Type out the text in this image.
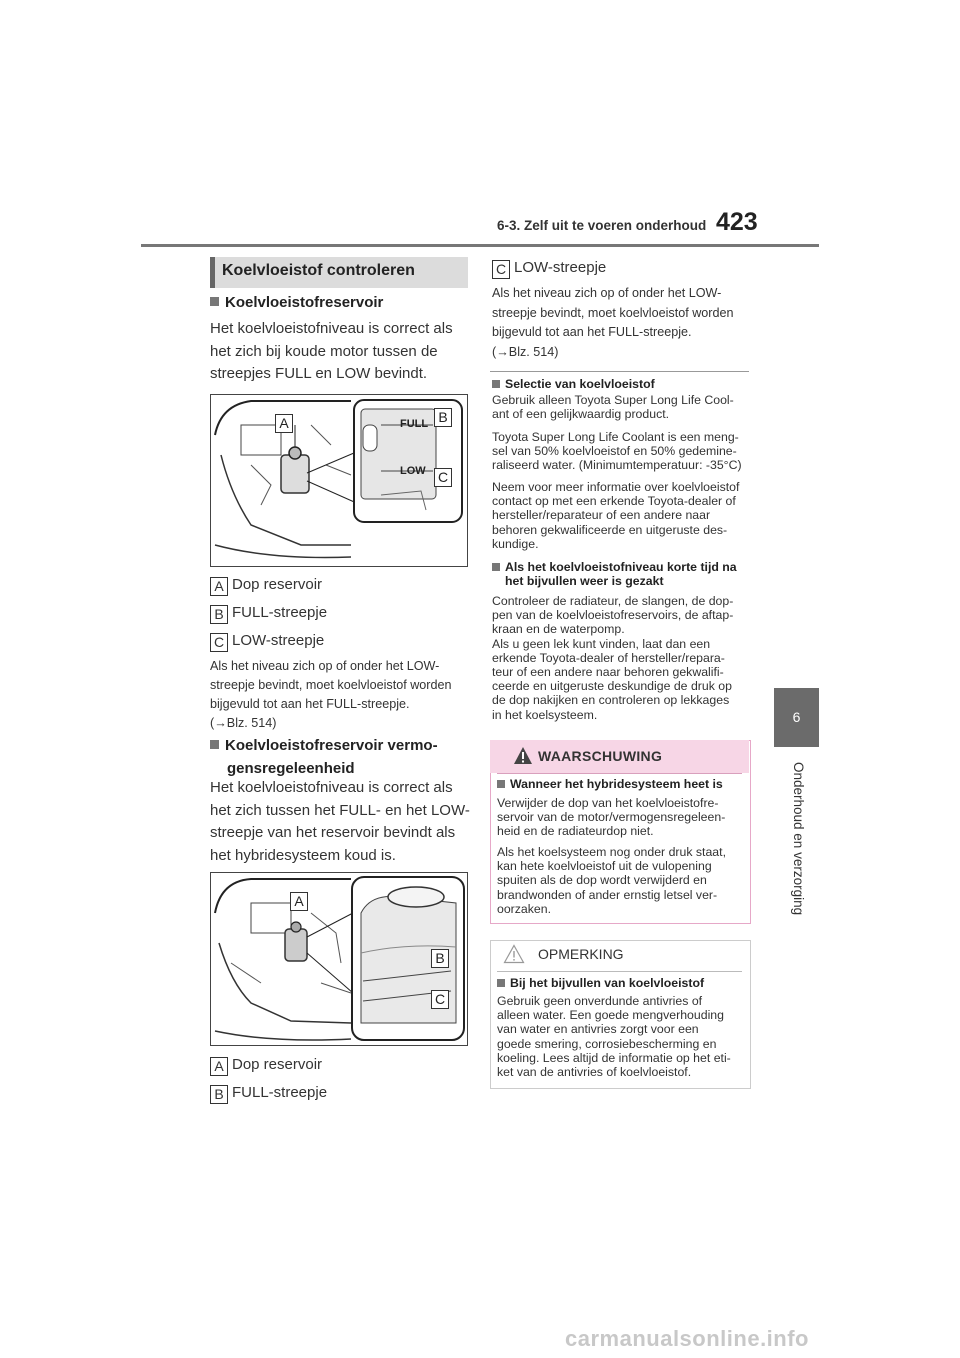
6-3. Zelf uit te voeren onderhoud 423
6
Onderhoud en verzorging
Koelvloeistof controleren
Koelvloeistofreservoir
Het koelvloeistofniveau is correct als
het zich bij koude motor tussen de
streepjes FULL en LOW bevindt.
FULL
LOW
A	B
C
A Dop reservoir
B FULL-streepje
C LOW-streepje
Als het niveau zich op of onder het LOW-
streepje bevindt, moet koelvloeistof worden
bijgevuld tot aan het FULL-streepje.
(→Blz. 514)
Koelvloeistofreservoir vermo-
gensregeleenheid
Het koelvloeistofniveau is correct als
het zich tussen het FULL- en het LOW-
streepje van het reservoir bevindt als
het hybridesysteem koud is.
A
B
C
A Dop reservoir
B FULL-streepje
C LOW-streepje
Als het niveau zich op of onder het LOW-
streepje bevindt, moet koelvloeistof worden
bijgevuld tot aan het FULL-streepje.
(→Blz. 514)
Selectie van koelvloeistof
Gebruik alleen Toyota Super Long Life Cool-
ant of een gelijkwaardig product.
Toyota Super Long Life Coolant is een meng-
sel van 50% koelvloeistof en 50% gedemine-
raliseerd water. (Minimumtemperatuur: -35°C)
Neem voor meer informatie over koelvloeistof
contact op met een erkende Toyota-dealer of
hersteller/reparateur of een andere naar
behoren gekwalificeerde en uitgeruste des-
kundige.
Als het koelvloeistofniveau korte tijd na
het bijvullen weer is gezakt
Controleer de radiateur, de slangen, de dop-
pen van de koelvloeistofreservoirs, de aftap-
kraan en de waterpomp.
Als u geen lek kunt vinden, laat dan een
erkende Toyota-dealer of hersteller/repara-
teur of een andere naar behoren gekwalifi-
ceerde en uitgeruste deskundige de druk op
de dop nakijken en controleren op lekkages
in het koelsysteem.
WAARSCHUWING
Wanneer het hybridesysteem heet is
Verwijder de dop van het koelvloeistofre-
servoir van de motor/vermogensregeleen-
heid en de radiateurdop niet.
Als het koelsysteem nog onder druk staat,
kan hete koelvloeistof uit de vulopening
spuiten als de dop wordt verwijderd en
brandwonden of ander ernstig letsel ver-
oorzaken.
OPMERKING
Bij het bijvullen van koelvloeistof
Gebruik geen onverdunde antivries of
alleen water. Een goede mengverhouding
van water en antivries zorgt voor een
goede smering, corrosiebescherming en
koeling. Lees altijd de informatie op het eti-
ket van de antivries of koelvloeistof.
carmanualsonline.info
